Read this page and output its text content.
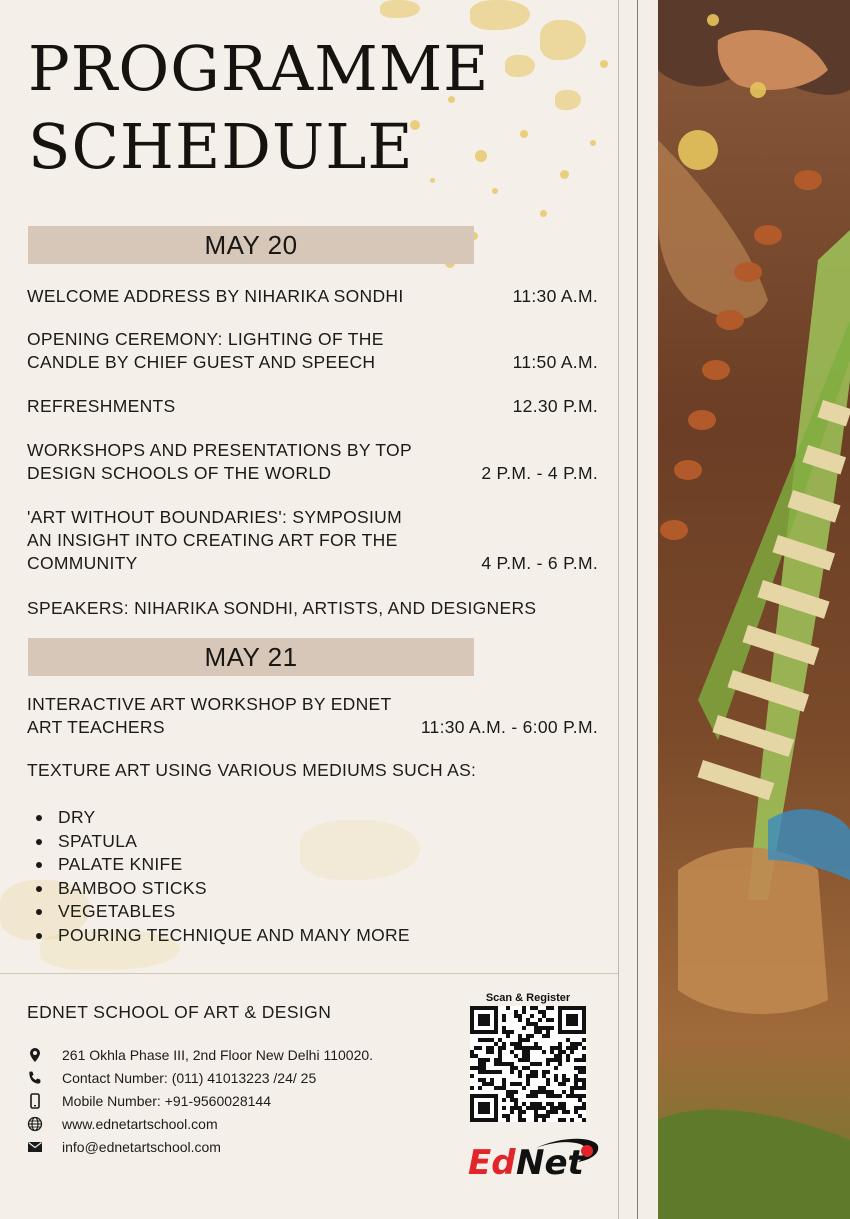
PROGRAMME
SCHEDULE
MAY 20
WELCOME ADDRESS BY NIHARIKA SONDHI	11:30 A.M.
OPENING CEREMONY: LIGHTING OF THE
CANDLE BY CHIEF GUEST AND SPEECH	11:50 A.M.
REFRESHMENTS	12.30 P.M.
WORKSHOPS AND PRESENTATIONS BY TOP
DESIGN SCHOOLS OF THE WORLD	2 P.M. - 4 P.M.
'ART WITHOUT BOUNDARIES': SYMPOSIUM
AN INSIGHT INTO CREATING ART FOR THE
COMMUNITY	4 P.M. - 6 P.M.
SPEAKERS: NIHARIKA SONDHI, ARTISTS, AND DESIGNERS
MAY 21
INTERACTIVE ART WORKSHOP BY EDNET
ART TEACHERS	11:30 A.M. - 6:00 P.M.
TEXTURE ART USING VARIOUS MEDIUMS SUCH AS:
DRY
SPATULA
PALATE KNIFE
BAMBOO STICKS
VEGETABLES
POURING TECHNIQUE AND MANY MORE
EDNET SCHOOL OF ART & DESIGN
261 Okhla Phase III, 2nd Floor New Delhi 110020.
Contact Number: (011) 41013223 /24/ 25
Mobile Number: +91-9560028144
www.ednetartschool.com
info@ednetartschool.com
Scan & Register
Ed Net
